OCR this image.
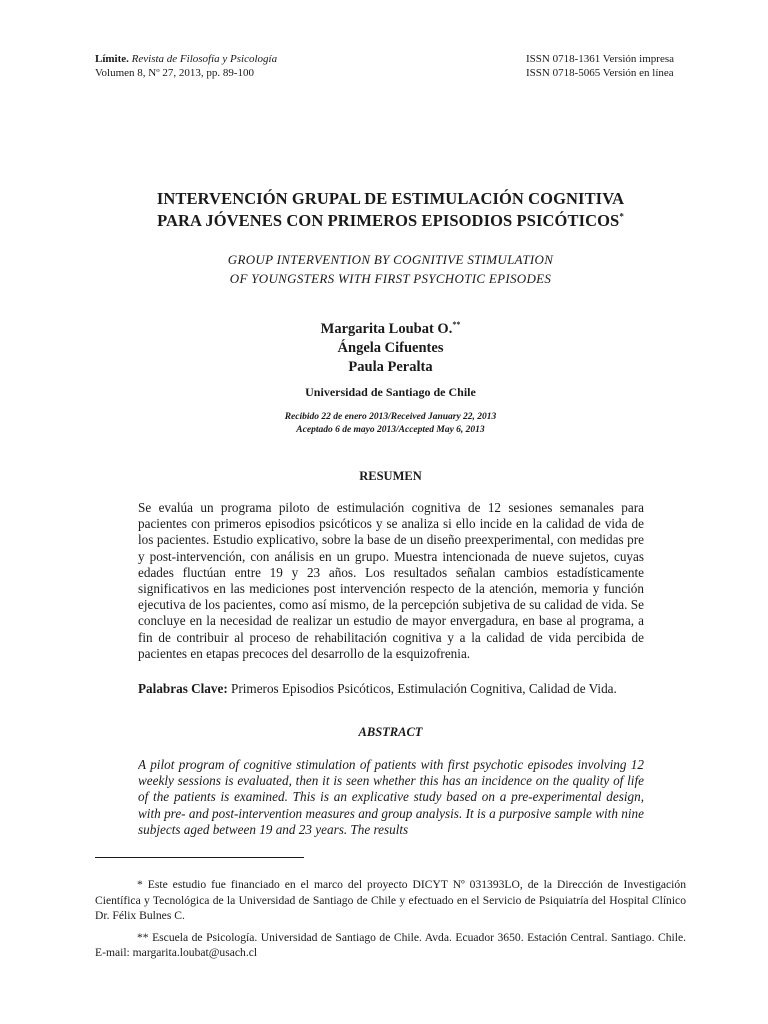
Límite. Revista de Filosofía y Psicología
Volumen 8, Nº 27, 2013, pp. 89-100
ISSN 0718-1361 Versión impresa
ISSN 0718-5065 Versión en línea
INTERVENCIÓN GRUPAL DE ESTIMULACIÓN COGNITIVA
PARA JÓVENES CON PRIMEROS EPISODIOS PSICÓTICOS*
GROUP INTERVENTION BY COGNITIVE STIMULATION
OF YOUNGSTERS WITH FIRST PSYCHOTIC EPISODES
Margarita Loubat O.**
Ángela Cifuentes
Paula Peralta
Universidad de Santiago de Chile
Recibido 22 de enero 2013/Received January 22, 2013
Aceptado 6 de mayo 2013/Accepted May 6, 2013
RESUMEN
Se evalúa un programa piloto de estimulación cognitiva de 12 sesiones semanales para pacientes con primeros episodios psicóticos y se analiza si ello incide en la calidad de vida de los pacientes. Estudio explicativo, sobre la base de un diseño preexperimental, con medidas pre y post-intervención, con análisis en un grupo. Muestra intencionada de nueve sujetos, cuyas edades fluctúan entre 19 y 23 años. Los resultados señalan cambios estadísticamente significativos en las mediciones post intervención respecto de la atención, memoria y función ejecutiva de los pacientes, como así mismo, de la percepción subjetiva de su calidad de vida. Se concluye en la necesidad de realizar un estudio de mayor envergadura, en base al programa, a fin de contribuir al proceso de rehabilitación cognitiva y a la calidad de vida percibida de pacientes en etapas precoces del desarrollo de la esquizofrenia.
Palabras Clave: Primeros Episodios Psicóticos, Estimulación Cognitiva, Calidad de Vida.
ABSTRACT
A pilot program of cognitive stimulation of patients with first psychotic episodes involving 12 weekly sessions is evaluated, then it is seen whether this has an incidence on the quality of life of the patients is examined. This is an explicative study based on a pre-experimental design, with pre- and post-intervention measures and group analysis. It is a purposive sample with nine subjects aged between 19 and 23 years. The results

* Este estudio fue financiado en el marco del proyecto DICYT Nº 031393LO, de la Dirección de Investigación Científica y Tecnológica de la Universidad de Santiago de Chile y efectuado en el Servicio de Psiquiatría del Hospital Clínico Dr. Félix Bulnes C.

** Escuela de Psicología. Universidad de Santiago de Chile. Avda. Ecuador 3650. Estación Central. Santiago. Chile. E-mail: margarita.loubat@usach.cl
